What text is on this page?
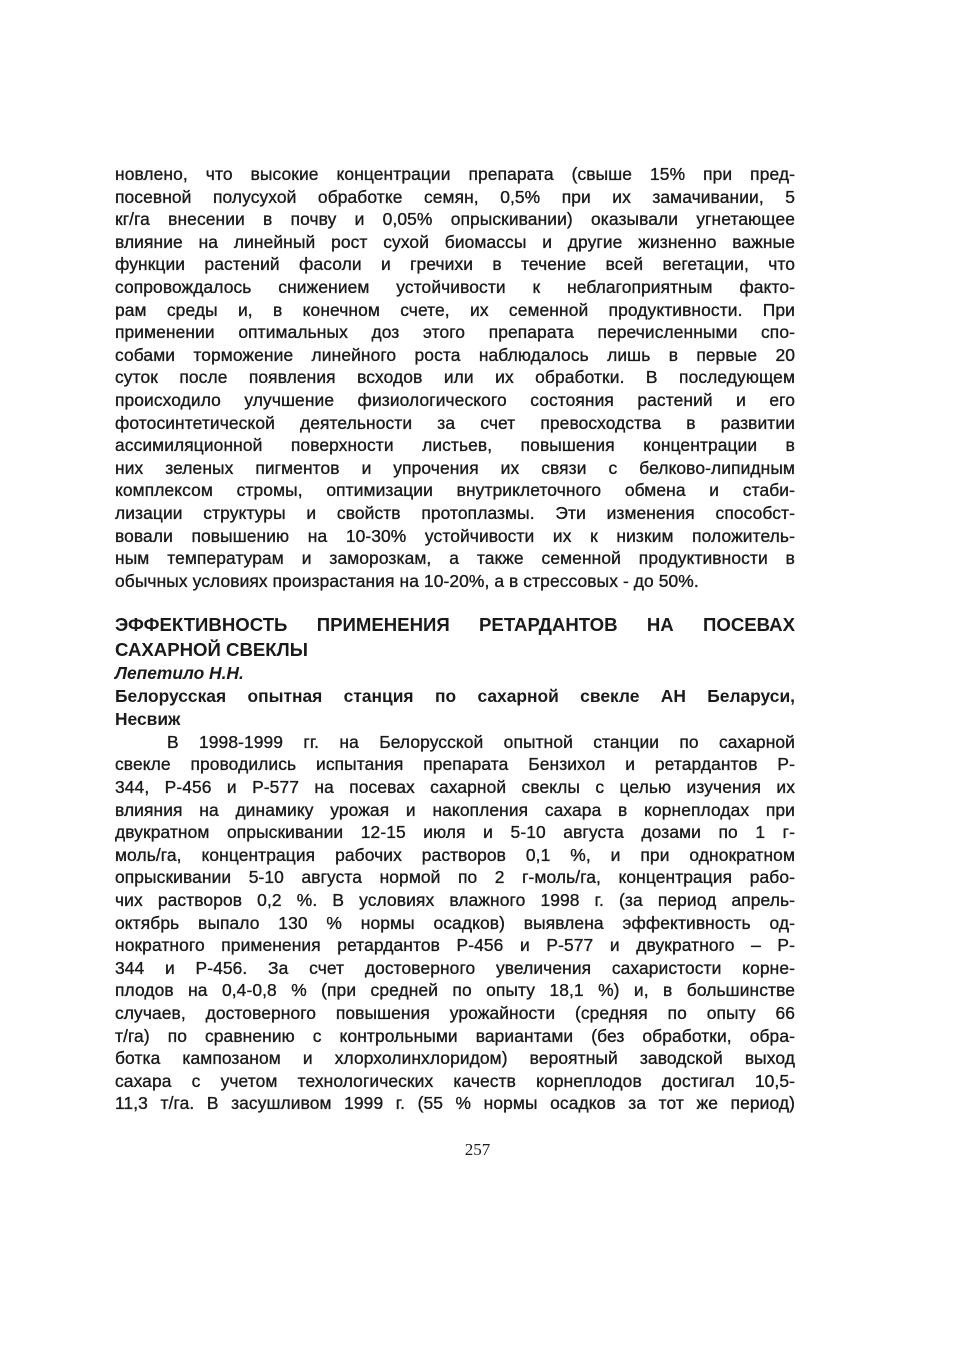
новлено, что высокие концентрации препарата (свыше 15% при пред-
посевной полусухой обработке семян, 0,5% при их замачивании, 5
кг/га внесении в почву и 0,05% опрыскивании) оказывали угнетающее
влияние на линейный рост сухой биомассы и другие жизненно важные
функции растений фасоли и гречихи в течение всей вегетации, что
сопровождалось снижением устойчивости к неблагоприятным факто-
рам среды и, в конечном счете, их семенной продуктивности. При
применении оптимальных доз этого препарата перечисленными спо-
собами торможение линейного роста наблюдалось лишь в первые 20
суток после появления всходов или их обработки. В последующем
происходило улучшение физиологического состояния растений и его
фотосинтетической деятельности за счет превосходства в развитии
ассимиляционной поверхности листьев, повышения концентрации в
них зеленых пигментов и упрочения их связи с белково-липидным
комплексом стромы, оптимизации внутриклеточного обмена и стаби-
лизации структуры и свойств протоплазмы. Эти изменения способст-
вовали повышению на 10-30% устойчивости их к низким положитель-
ным температурам и заморозкам, а также семенной продуктивности в
обычных условиях произрастания на 10-20%, а в стрессовых - до 50%.
ЭФФЕКТИВНОСТЬ ПРИМЕНЕНИЯ РЕТАРДАНТОВ НА ПОСЕВАХ
САХАРНОЙ СВЕКЛЫ
Лепетило Н.Н.
Белорусская опытная станция по сахарной свекле АН Беларуси,
Несвиж
В 1998-1999 гг. на Белорусской опытной станции по сахарной
свекле проводились испытания препарата Бензихол и ретардантов Р-
344, Р-456 и Р-577 на посевах сахарной свеклы с целью изучения их
влияния на динамику урожая и накопления сахара в корнеплодах при
двукратном опрыскивании 12-15 июля и 5-10 августа дозами по 1 г-
моль/га, концентрация рабочих растворов 0,1 %, и при однократном
опрыскивании 5-10 августа нормой по 2 г-моль/га, концентрация рабо-
чих растворов 0,2 %. В условиях влажного 1998 г. (за период апрель-
октябрь выпало 130 % нормы осадков) выявлена эффективность од-
нократного применения ретардантов Р-456 и Р-577 и двукратного – Р-
344 и Р-456. За счет достоверного увеличения сахаристости корне-
плодов на 0,4-0,8 % (при средней по опыту 18,1 %) и, в большинстве
случаев, достоверного повышения урожайности (средняя по опыту 66
т/га) по сравнению с контрольными вариантами (без обработки, обра-
ботка кампозаном и хлорхолинхлоридом) вероятный заводской выход
сахара с учетом технологических качеств корнеплодов достигал 10,5-
11,3 т/га. В засушливом 1999 г. (55 % нормы осадков за тот же период)
257
